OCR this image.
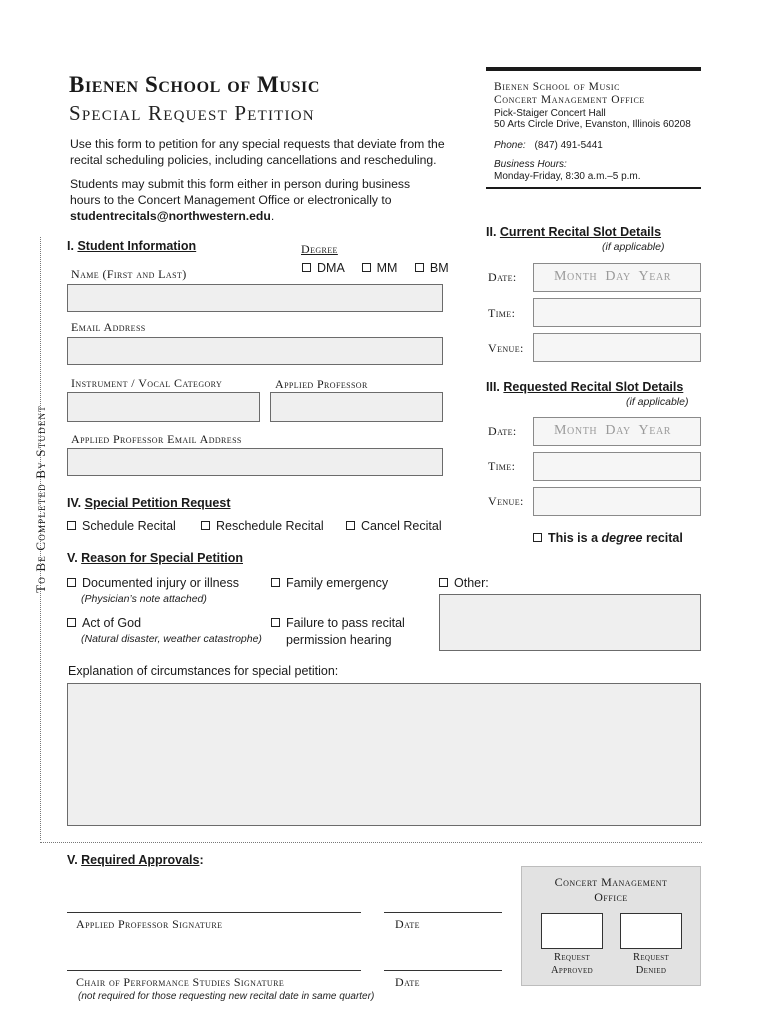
Bienen School of Music
Special Request Petition
Use this form to petition for any special requests that deviate from the recital scheduling policies, including cancellations and rescheduling.
Students may submit this form either in person during business hours to the Concert Management Office or electronically to studentrecitals@northwestern.edu.
Bienen School of Music
Concert Management Office
Pick-Staiger Concert Hall
50 Arts Circle Drive, Evanston, Illinois 60208
Phone: (847) 491-5441
Business Hours:
Monday-Friday, 8:30 a.m.–5 p.m.
To Be Completed By Student
I. Student Information	Degree
DMA	MM	BM
Name (First and Last)
Email Address
Instrument / Vocal Category	Applied Professor
Applied Professor Email Address
II. Current Recital Slot Details
(if applicable)
Date:	Month  Day  Year
Time:
Venue:
III. Requested Recital Slot Details
(if applicable)
Date:	Month  Day  Year
Time:
Venue:
This is a degree recital
IV. Special Petition Request
Schedule Recital	Reschedule Recital	Cancel Recital
V. Reason for Special Petition
Documented injury or illness
(Physician’s note attached)
Family emergency	Other:
Act of God
(Natural disaster, weather catastrophe)
Failure to pass recital
permission hearing
Explanation of circumstances for special petition:
V. Required Approvals:
Applied Professor Signature	Date
Chair of Performance Studies Signature
(not required for those requesting new recital date in same quarter)
Date
Concert Management
Office
Request
Approved
Request
Denied
